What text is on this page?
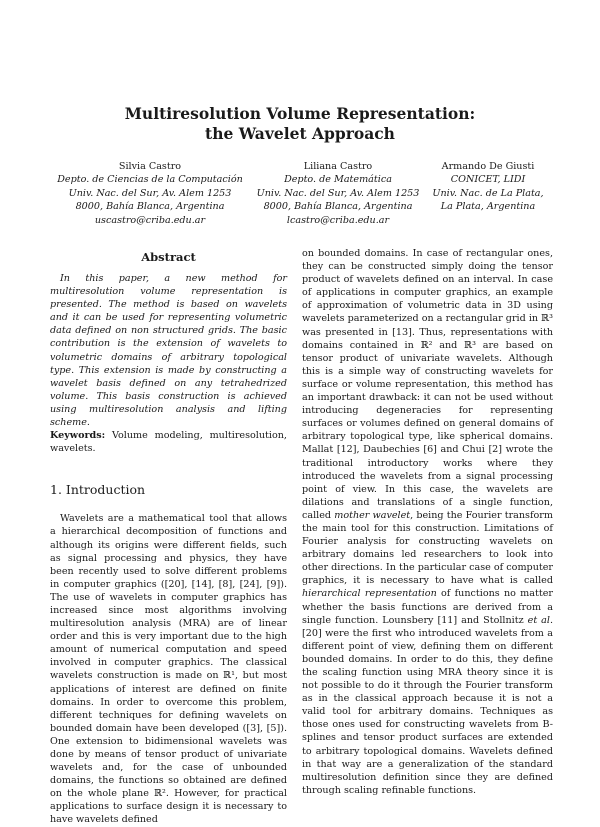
Multiresolution Volume Representation:
the Wavelet Approach
Silvia Castro
Depto. de Ciencias de la Computación
Univ. Nac. del Sur, Av. Alem 1253
8000, Bahía Blanca, Argentina
uscastro@criba.edu.ar
Liliana Castro
Depto. de Matemática
Univ. Nac. del Sur, Av. Alem 1253
8000, Bahía Blanca, Argentina
lcastro@criba.edu.ar
Armando De Giusti
CONICET, LIDI
Univ. Nac. de La Plata,
La Plata, Argentina
Abstract

In this paper, a new method for multiresolution volume representation is presented. The method is based on wavelets and it can be used for representing volumetric data defined on non structured grids. The basic contribution is the extension of wavelets to volumetric domains of arbitrary topological type. This extension is made by constructing a wavelet basis defined on any tetrahedrized volume. This basis construction is achieved using multiresolution analysis and lifting scheme.

Keywords: Volume modeling, multiresolution, wavelets.

1. Introduction

Wavelets are a mathematical tool that allows a hierarchical decomposition of functions and although its origins were different fields, such as signal processing and physics, they have been recently used to solve different problems in computer graphics ([20], [14], [8], [24], [9]). The use of wavelets in computer graphics has increased since most algorithms involving multiresolution analysis (MRA) are of linear order and this is very important due to the high amount of numerical computation and speed involved in computer graphics. The classical wavelets construction is made on ℝ¹, but most applications of interest are defined on finite domains. In order to overcome this problem, different techniques for defining wavelets on bounded domain have been developed ([3], [5]). One extension to bidimensional wavelets was done by means of tensor product of univariate wavelets and, for the case of unbounded domains, the functions so obtained are defined on the whole plane ℝ². However, for practical applications to surface design it is necessary to have wavelets defined

on bounded domains. In case of rectangular ones, they can be constructed simply doing the tensor product of wavelets defined on an interval. In case of applications in computer graphics, an example of approximation of volumetric data in 3D using wavelets parameterized on a rectangular grid in ℝ³ was presented in [13]. Thus, representations with domains contained in ℝ² and ℝ³ are based on tensor product of univariate wavelets. Although this is a simple way of constructing wavelets for surface or volume representation, this method has an important drawback: it can not be used without introducing degeneracies for representing surfaces or volumes defined on general domains of arbitrary topological type, like spherical domains. Mallat [12], Daubechies [6] and Chui [2] wrote the traditional introductory works where they introduced the wavelets from a signal processing point of view. In this case, the wavelets are dilations and translations of a single function, called mother wavelet, being the Fourier transform the main tool for this construction. Limitations of Fourier analysis for constructing wavelets on arbitrary domains led researchers to look into other directions. In the particular case of computer graphics, it is necessary to have what is called hierarchical representation of functions no matter whether the basis functions are derived from a single function. Lounsbery [11] and Stollnitz et al. [20] were the first who introduced wavelets from a different point of view, defining them on different bounded domains. In order to do this, they define the scaling function using MRA theory since it is not possible to do it through the Fourier transform as in the classical approach because it is not a valid tool for arbitrary domains. Techniques as those ones used for constructing wavelets from B-splines and tensor product surfaces are extended to arbitrary topological domains. Wavelets defined in that way are a generalization of the standard multiresolution definition since they are defined through scaling refinable functions.
